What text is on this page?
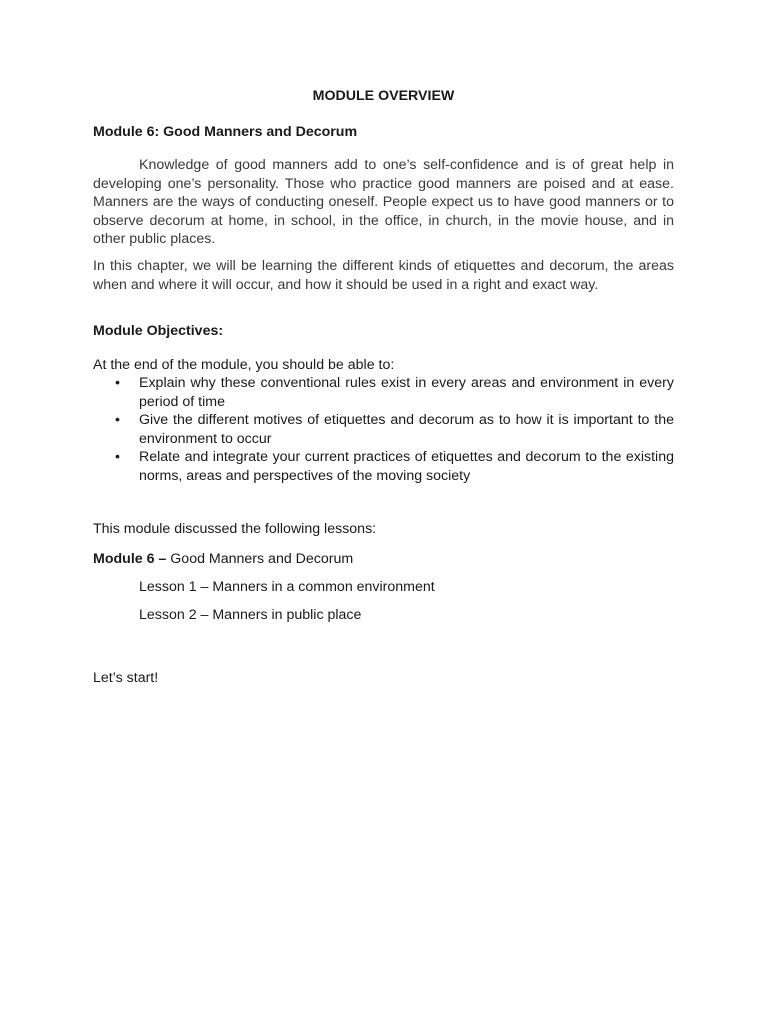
MODULE OVERVIEW
Module 6: Good Manners and Decorum

Knowledge of good manners add to one’s self-confidence and is of great help in developing one’s personality. Those who practice good manners are poised and at ease. Manners are the ways of conducting oneself. People expect us to have good manners or to observe decorum at home, in school, in the office, in church, in the movie house, and in other public places.

In this chapter, we will be learning the different kinds of etiquettes and decorum, the areas when and where it will occur, and how it should be used in a right and exact way.

Module Objectives:
At the end of the module, you should be able to:
•	Explain why these conventional rules exist in every areas and environment in every period of time
•	Give the different motives of etiquettes and decorum as to how it is important to the environment to occur
•	Relate and integrate your current practices of etiquettes and decorum to the existing norms, areas and perspectives of the moving society
This module discussed the following lessons:
Module 6 – Good Manners and Decorum
Lesson 1 – Manners in a common environment
Lesson 2 – Manners in public place
Let’s start!
